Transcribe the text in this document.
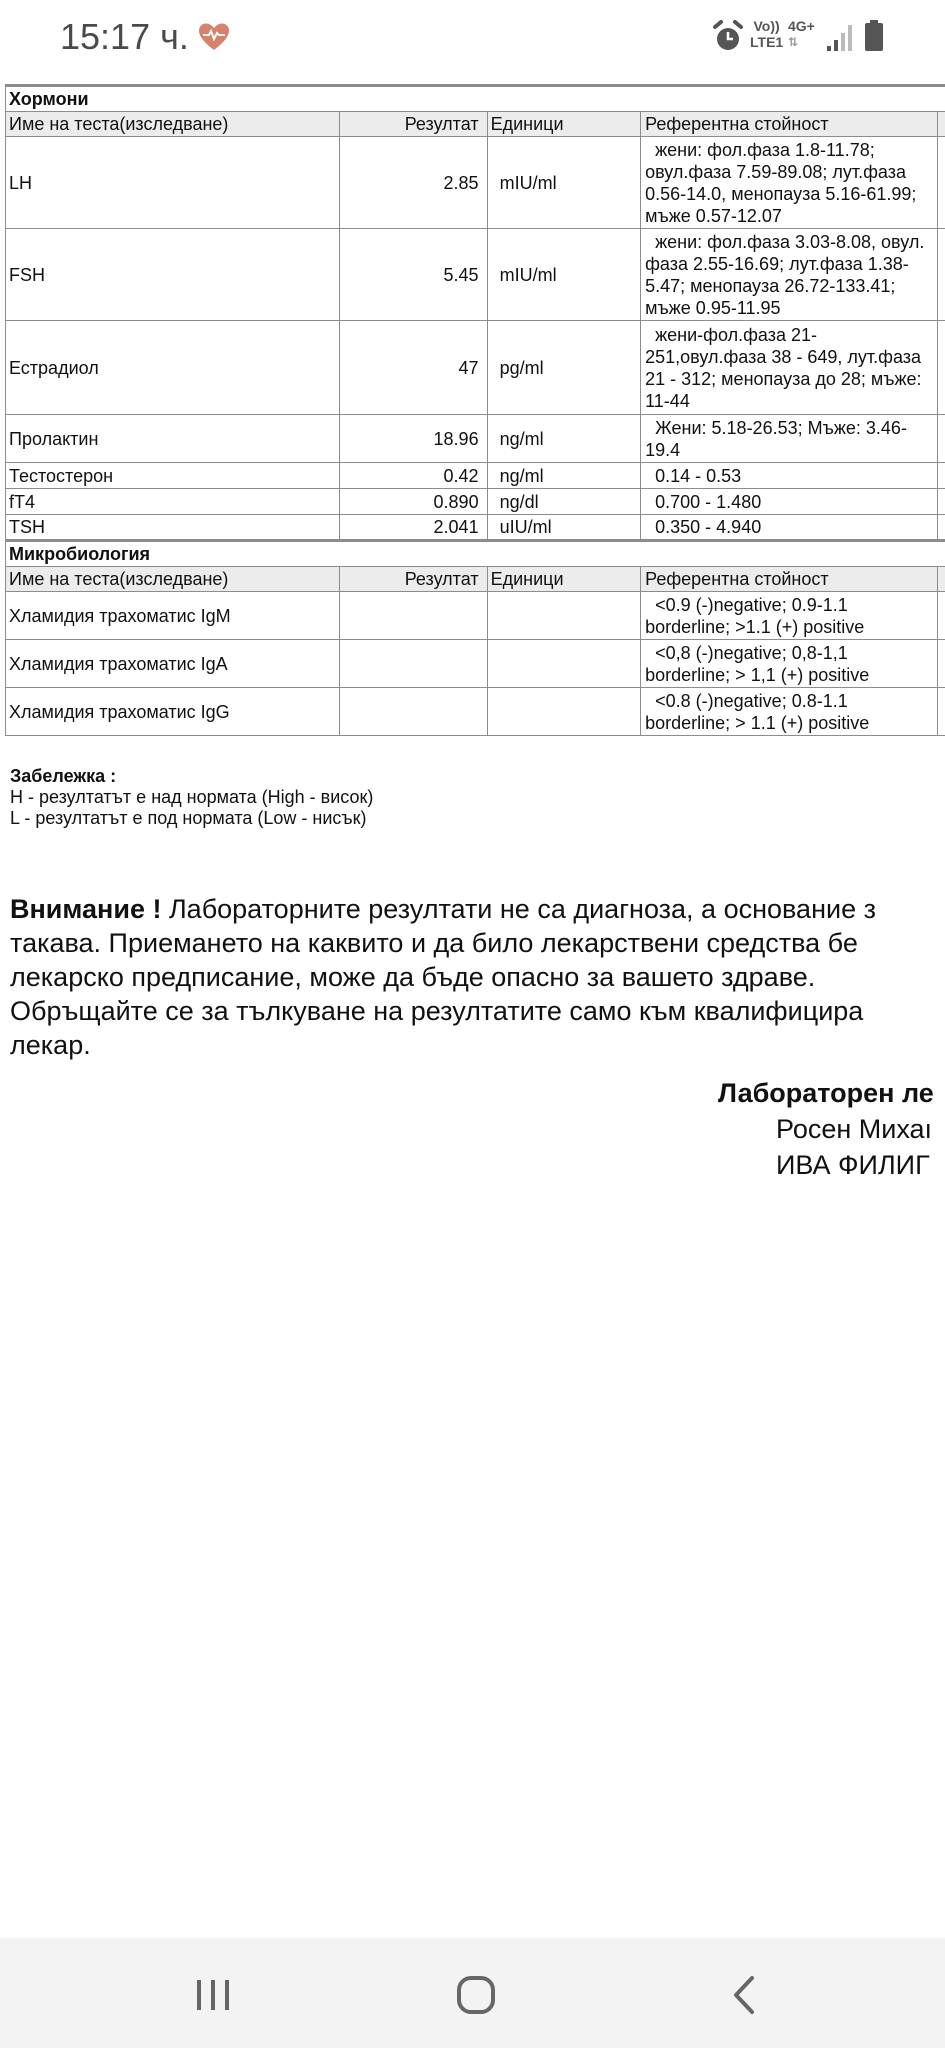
15:17 ч.	Vo))
LTE1
4G+
⇅
Хормони				
Име на теста(изследване)	Резултат	Единици	Референтна стойност	
LH	2.85	mIU/ml	жени: фол.фаза 1.8-11.78; овул.фаза 7.59-89.08; лут.фаза 0.56-14.0, менопауза 5.16-61.99; мъже 0.57-12.07	

FSH	5.45	mIU/ml	жени: фол.фаза 3.03-8.08, овул. фаза 2.55-16.69; лут.фаза 1.38-5.47; менопауза 26.72-133.41; мъже 0.95-11.95	

Естрадиол	47	pg/ml	жени-фол.фаза 21-251,овул.фаза 38 - 649, лут.фаза 21 - 312; менопауза до 28; мъже: 11-44	

Пролактин	18.96	ng/ml	Жени: 5.18-26.53; Мъже: 3.46-19.4	

Тестостерон	0.42	ng/ml	0.14 - 0.53	

fT4	0.890	ng/dl	0.700 - 1.480	

TSH	2.041	uIU/ml	0.350 - 4.940	

Микробиология				
Име на теста(изследване)	Резултат	Единици	Референтна стойност	
Хламидия трахоматис IgM			<0.9 (-)negative; 0.9-1.1 borderline; >1.1 (+) positive	

Хламидия трахоматис IgA			<0,8 (-)negative; 0,8-1,1 borderline; > 1,1 (+) positive	

Хламидия трахоматис IgG			<0.8 (-)negative; 0.8-1.1 borderline; > 1.1 (+) positive	

Забележка :
H - резултатът е над нормата (High - висок)
L - резултатът е под нормата (Low - нисък)
Внимание ! Лабораторните резултати не са диагноза, а основание з
такава. Приемането на каквито и да било лекарствени средства бе
лекарско предписание, може да бъде опасно за вашето здраве.
Обръщайте се за тълкуване на резултатите само към квалифицира
лекар.
Лабораторен ле
Росен Михаı
ИВА ФИЛИГ
